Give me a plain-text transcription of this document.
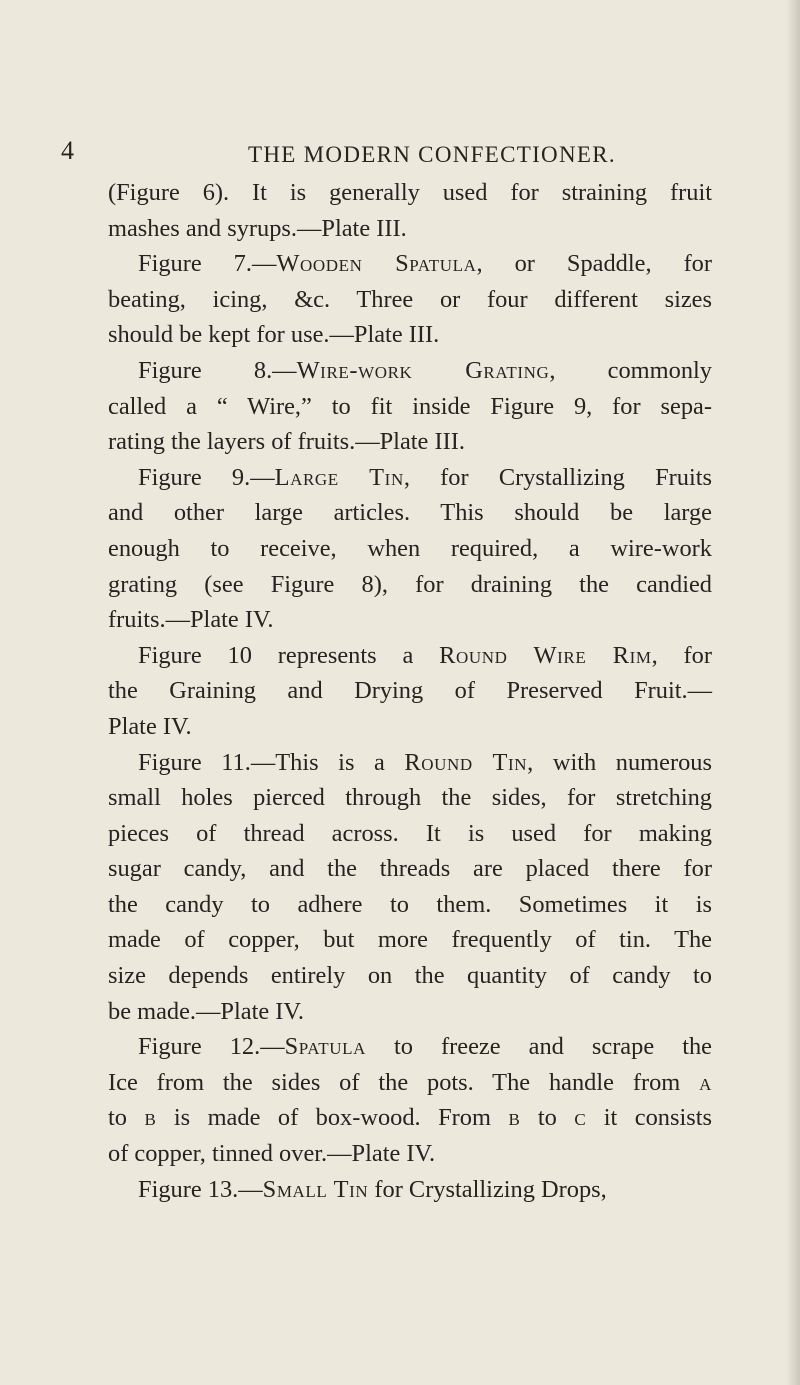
4	THE MODERN CONFECTIONER.
(Figure 6). It is generally used for straining fruit
mashes and syrups.—Plate III.
Figure 7.—Wooden Spatula, or Spaddle, for
beating, icing, &c. Three or four different sizes
should be kept for use.—Plate III.
Figure 8.—Wire-work Grating, commonly
called a “ Wire,” to fit inside Figure 9, for sepa-
rating the layers of fruits.—Plate III.
Figure 9.—Large Tin, for Crystallizing Fruits
and other large articles. This should be large
enough to receive, when required, a wire-work
grating (see Figure 8), for draining the candied
fruits.—Plate IV.
Figure 10 represents a Round Wire Rim, for
the Graining and Drying of Preserved Fruit.—
Plate IV.
Figure 11.—This is a Round Tin, with numerous
small holes pierced through the sides, for stretching
pieces of thread across. It is used for making
sugar candy, and the threads are placed there for
the candy to adhere to them. Sometimes it is
made of copper, but more frequently of tin. The
size depends entirely on the quantity of candy to
be made.—Plate IV.
Figure 12.—Spatula to freeze and scrape the
Ice from the sides of the pots. The handle from a
to b is made of box-wood. From b to c it consists
of copper, tinned over.—Plate IV.
Figure 13.—Small Tin for Crystallizing Drops,
